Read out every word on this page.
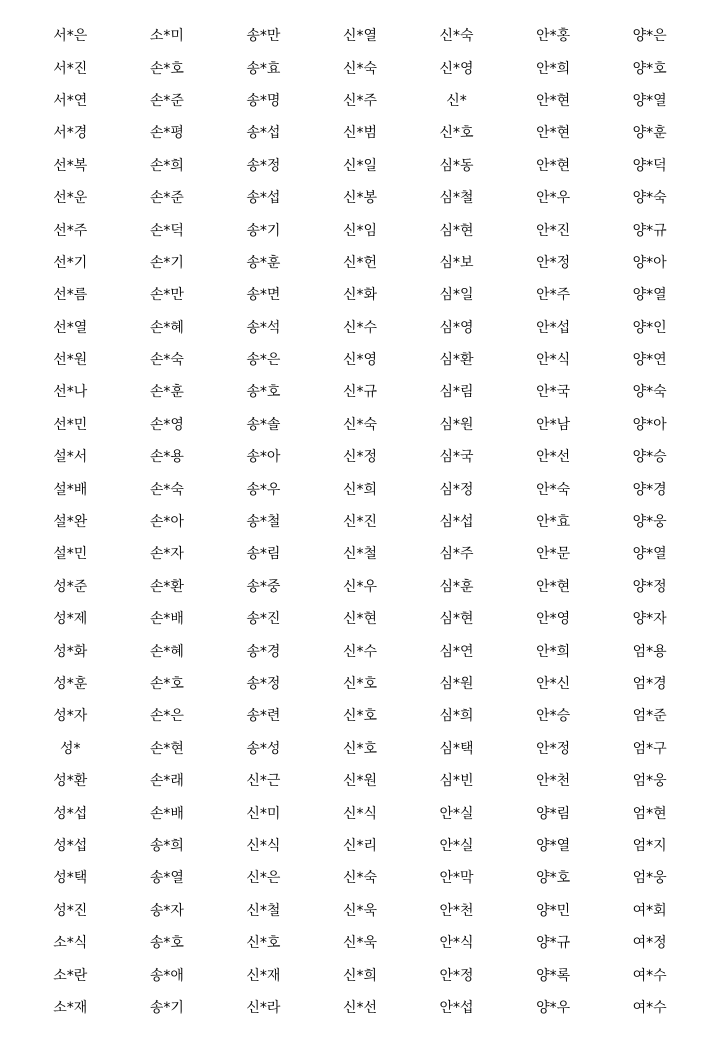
서*은	소*미	송*만	신*열	신*숙	안*홍	양*은
서*진	손*호	송*효	신*숙	신*영	안*희	양*호
서*연	손*준	송*명	신*주	신*	안*현	양*열
서*경	손*평	송*섭	신*범	신*호	안*현	양*훈
선*복	손*희	송*정	신*일	심*동	안*현	양*덕
선*운	손*준	송*섭	신*봉	심*철	안*우	양*숙
선*주	손*덕	송*기	신*임	심*현	안*진	양*규
선*기	손*기	송*훈	신*헌	심*보	안*정	양*아
선*름	손*만	송*면	신*화	심*일	안*주	양*열
선*열	손*혜	송*석	신*수	심*영	안*섭	양*인
선*원	손*숙	송*은	신*영	심*환	안*식	양*연
선*나	손*훈	송*호	신*규	심*림	안*국	양*숙
선*민	손*영	송*솔	신*숙	심*원	안*남	양*아
설*서	손*용	송*아	신*정	심*국	안*선	양*승
설*배	손*숙	송*우	신*희	심*정	안*숙	양*경
설*완	손*아	송*철	신*진	심*섭	안*효	양*웅
설*민	손*자	송*림	신*철	심*주	안*문	양*열
성*준	손*환	송*중	신*우	심*훈	안*현	양*정
성*제	손*배	송*진	신*현	심*현	안*영	양*자
성*화	손*혜	송*경	신*수	심*연	안*희	엄*용
성*훈	손*호	송*정	신*호	심*원	안*신	엄*경
성*자	손*은	송*련	신*호	심*희	안*승	엄*준
성*	손*현	송*성	신*호	심*택	안*정	엄*구
성*환	손*래	신*근	신*원	심*빈	안*천	엄*웅
성*섭	손*배	신*미	신*식	안*실	양*림	엄*현
성*섭	송*희	신*식	신*리	안*실	양*열	엄*지
성*택	송*열	신*은	신*숙	안*막	양*호	엄*웅
성*진	송*자	신*철	신*욱	안*천	양*민	여*회
소*식	송*호	신*호	신*욱	안*식	양*규	여*정
소*란	송*애	신*재	신*희	안*정	양*록	여*수
소*재	송*기	신*라	신*선	안*섭	양*우	여*수
